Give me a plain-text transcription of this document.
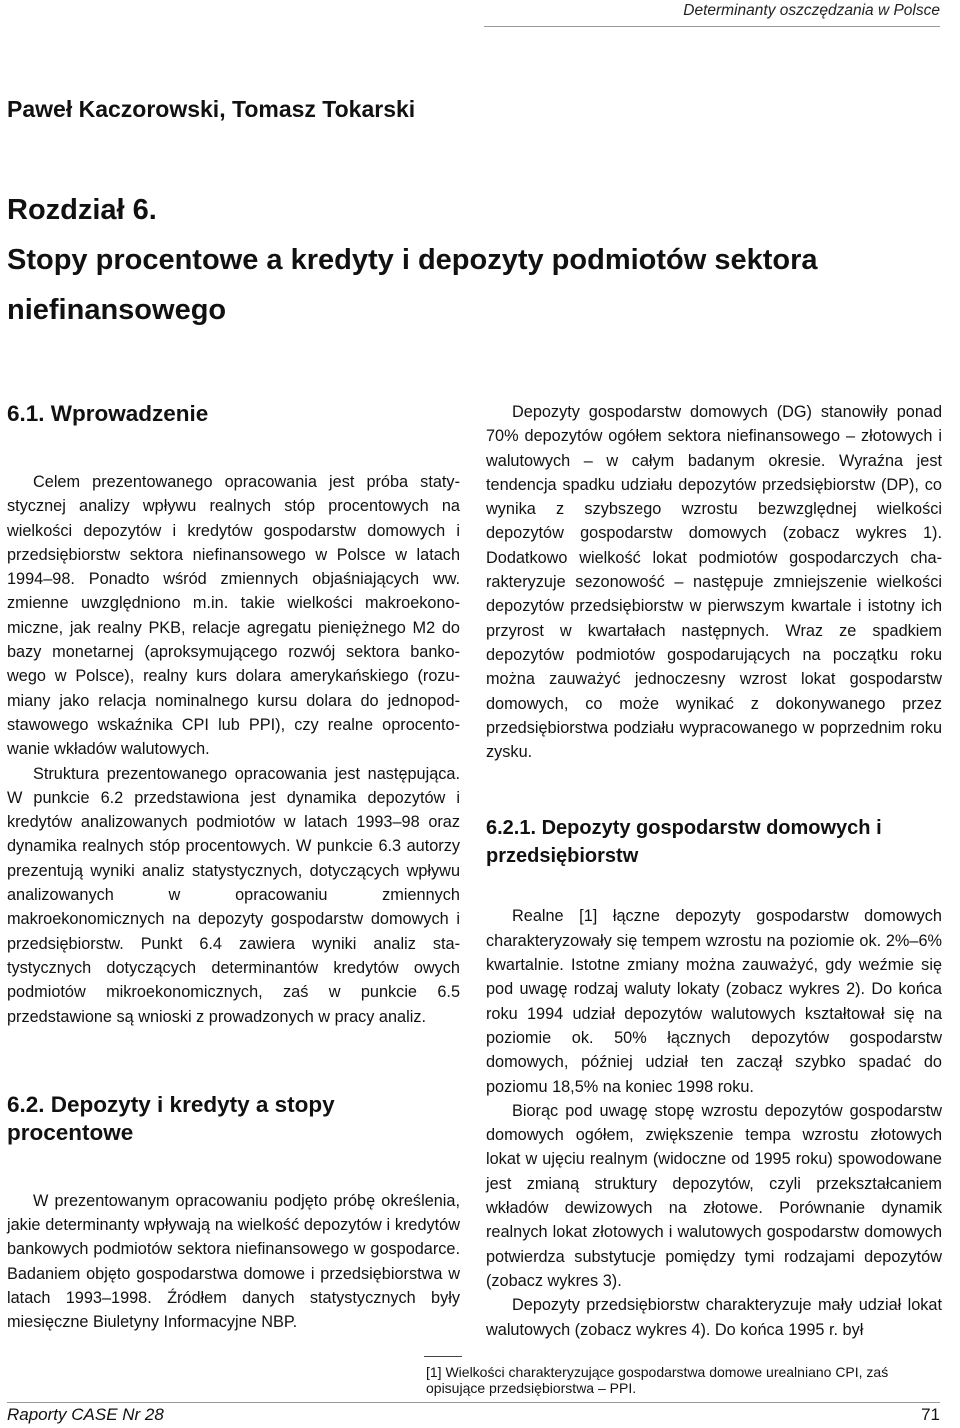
Determinanty oszczędzania w Polsce
Paweł Kaczorowski, Tomasz Tokarski
Rozdział 6.
Stopy procentowe a kredyty i depozyty podmiotów sektora niefinansowego
6.1. Wprowadzenie

Celem prezentowanego opracowania jest próba statystycznej analizy wpływu realnych stóp procentowych na wielkości depozytów i kredytów gospodarstw domowych i przedsiębiorstw sektora niefinansowego w Polsce w latach 1994–98. Ponadto wśród zmiennych objaśniających ww. zmienne uwzględniono m.in. takie wielkości makroekonomiczne, jak realny PKB, relacje agregatu pieniężnego M2 do bazy monetarnej (aproksymującego rozwój sektora bankowego w Polsce), realny kurs dolara amerykańskiego (rozumiany jako relacja nominalnego kursu dolara do jednopodstawowego wskaźnika CPI lub PPI), czy realne oprocentowanie wkładów walutowych.

Struktura prezentowanego opracowania jest następująca. W punkcie 6.2 przedstawiona jest dynamika depozytów i kredytów analizowanych podmiotów w latach 1993–98 oraz dynamika realnych stóp procentowych. W punkcie 6.3 autorzy prezentują wyniki analiz statystycznych, dotyczących wpływu analizowanych w opracowaniu zmiennych makroekonomicznych na depozyty gospodarstw domowych i przedsiębiorstw. Punkt 6.4 zawiera wyniki analiz statystycznych dotyczących determinantów kredytów owych podmiotów mikroekonomicznych, zaś w punkcie 6.5 przedstawione są wnioski z prowadzonych w pracy analiz.

6.2. Depozyty i kredyty a stopy procentowe

W prezentowanym opracowaniu podjęto próbę określenia, jakie determinanty wpływają na wielkość depozytów i kredytów bankowych podmiotów sektora niefinansowego w gospodarce. Badaniem objęto gospodarstwa domowe i przedsiębiorstwa w latach 1993–1998. Źródłem danych statystycznych były miesięczne Biuletyny Informacyjne NBP.

Depozyty gospodarstw domowych (DG) stanowiły ponad 70% depozytów ogółem sektora niefinansowego – złotowych i walutowych – w całym badanym okresie. Wyraźna jest tendencja spadku udziału depozytów przedsiębiorstw (DP), co wynika z szybszego wzrostu bezwzględnej wielkości depozytów gospodarstw domowych (zobacz wykres 1). Dodatkowo wielkość lokat podmiotów gospodarczych charakteryzuje sezonowość – następuje zmniejszenie wielkości depozytów przedsiębiorstw w pierwszym kwartale i istotny ich przyrost w kwartałach następnych. Wraz ze spadkiem depozytów podmiotów gospodarujących na początku roku można zauważyć jednoczesny wzrost lokat gospodarstw domowych, co może wynikać z dokonywanego przez przedsiębiorstwa podziału wypracowanego w poprzednim roku zysku.

6.2.1. Depozyty gospodarstw domowych i przedsiębiorstw

Realne [1] łączne depozyty gospodarstw domowych charakteryzowały się tempem wzrostu na poziomie ok. 2%–6% kwartalnie. Istotne zmiany można zauważyć, gdy weźmie się pod uwagę rodzaj waluty lokaty (zobacz wykres 2). Do końca roku 1994 udział depozytów walutowych kształtował się na poziomie ok. 50% łącznych depozytów gospodarstw domowych, później udział ten zaczął szybko spadać do poziomu 18,5% na koniec 1998 roku.

Biorąc pod uwagę stopę wzrostu depozytów gospodarstw domowych ogółem, zwiększenie tempa wzrostu złotowych lokat w ujęciu realnym (widoczne od 1995 roku) spowodowane jest zmianą struktury depozytów, czyli przekształcaniem wkładów dewizowych na złotowe. Porównanie dynamik realnych lokat złotowych i walutowych gospodarstw domowych potwierdza substytucje pomiędzy tymi rodzajami depozytów (zobacz wykres 3).

Depozyty przedsiębiorstw charakteryzuje mały udział lokat walutowych (zobacz wykres 4). Do końca 1995 r. był

[1] Wielkości charakteryzujące gospodarstwa domowe urealniano CPI, zaś opisujące przedsiębiorstwa – PPI.
Raporty CASE Nr 28	71
